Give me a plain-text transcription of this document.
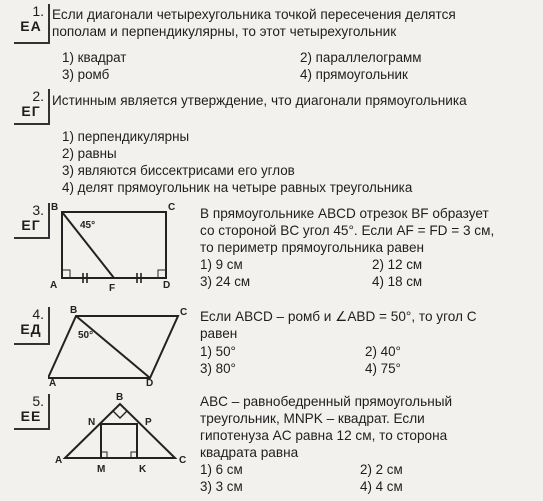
1.
ЕА
Если диагонали четырехугольника точкой пересечения делятся
пополам и перпендикулярны, то этот четырехугольник
1) квадрат	2) параллелограмм
3) ромб	4) прямоугольник
2.
ЕГ
Истинным является утверждение, что диагонали прямоугольника
1) перпендикулярны
2) равны
3) являются биссектрисами его углов
4) делят прямоугольник на четыре равных треугольника
3.
ЕГ
B	C
A	D
F
45°
В прямоугольнике ABCD отрезок BF образует
со стороной BC угол 45°. Если AF = FD = 3 см,
то периметр прямоугольника равен
1) 9 см	2) 12 см
3) 24 см	4) 18 см
4.
ЕД
B	C
A	D
50°
Если ABCD – ромб и ∠ABD = 50°, то угол C
равен
1) 50°	2) 40°
3) 80°	4) 75°
5.
ЕЕ
B
N	P
A	C
M	K
ABC – равнобедренный прямоугольный
треугольник, MNPK – квадрат. Если
гипотенуза AC равна 12 см, то сторона
квадрата равна
1) 6 см	2) 2 см
3) 3 см	4) 4 см
